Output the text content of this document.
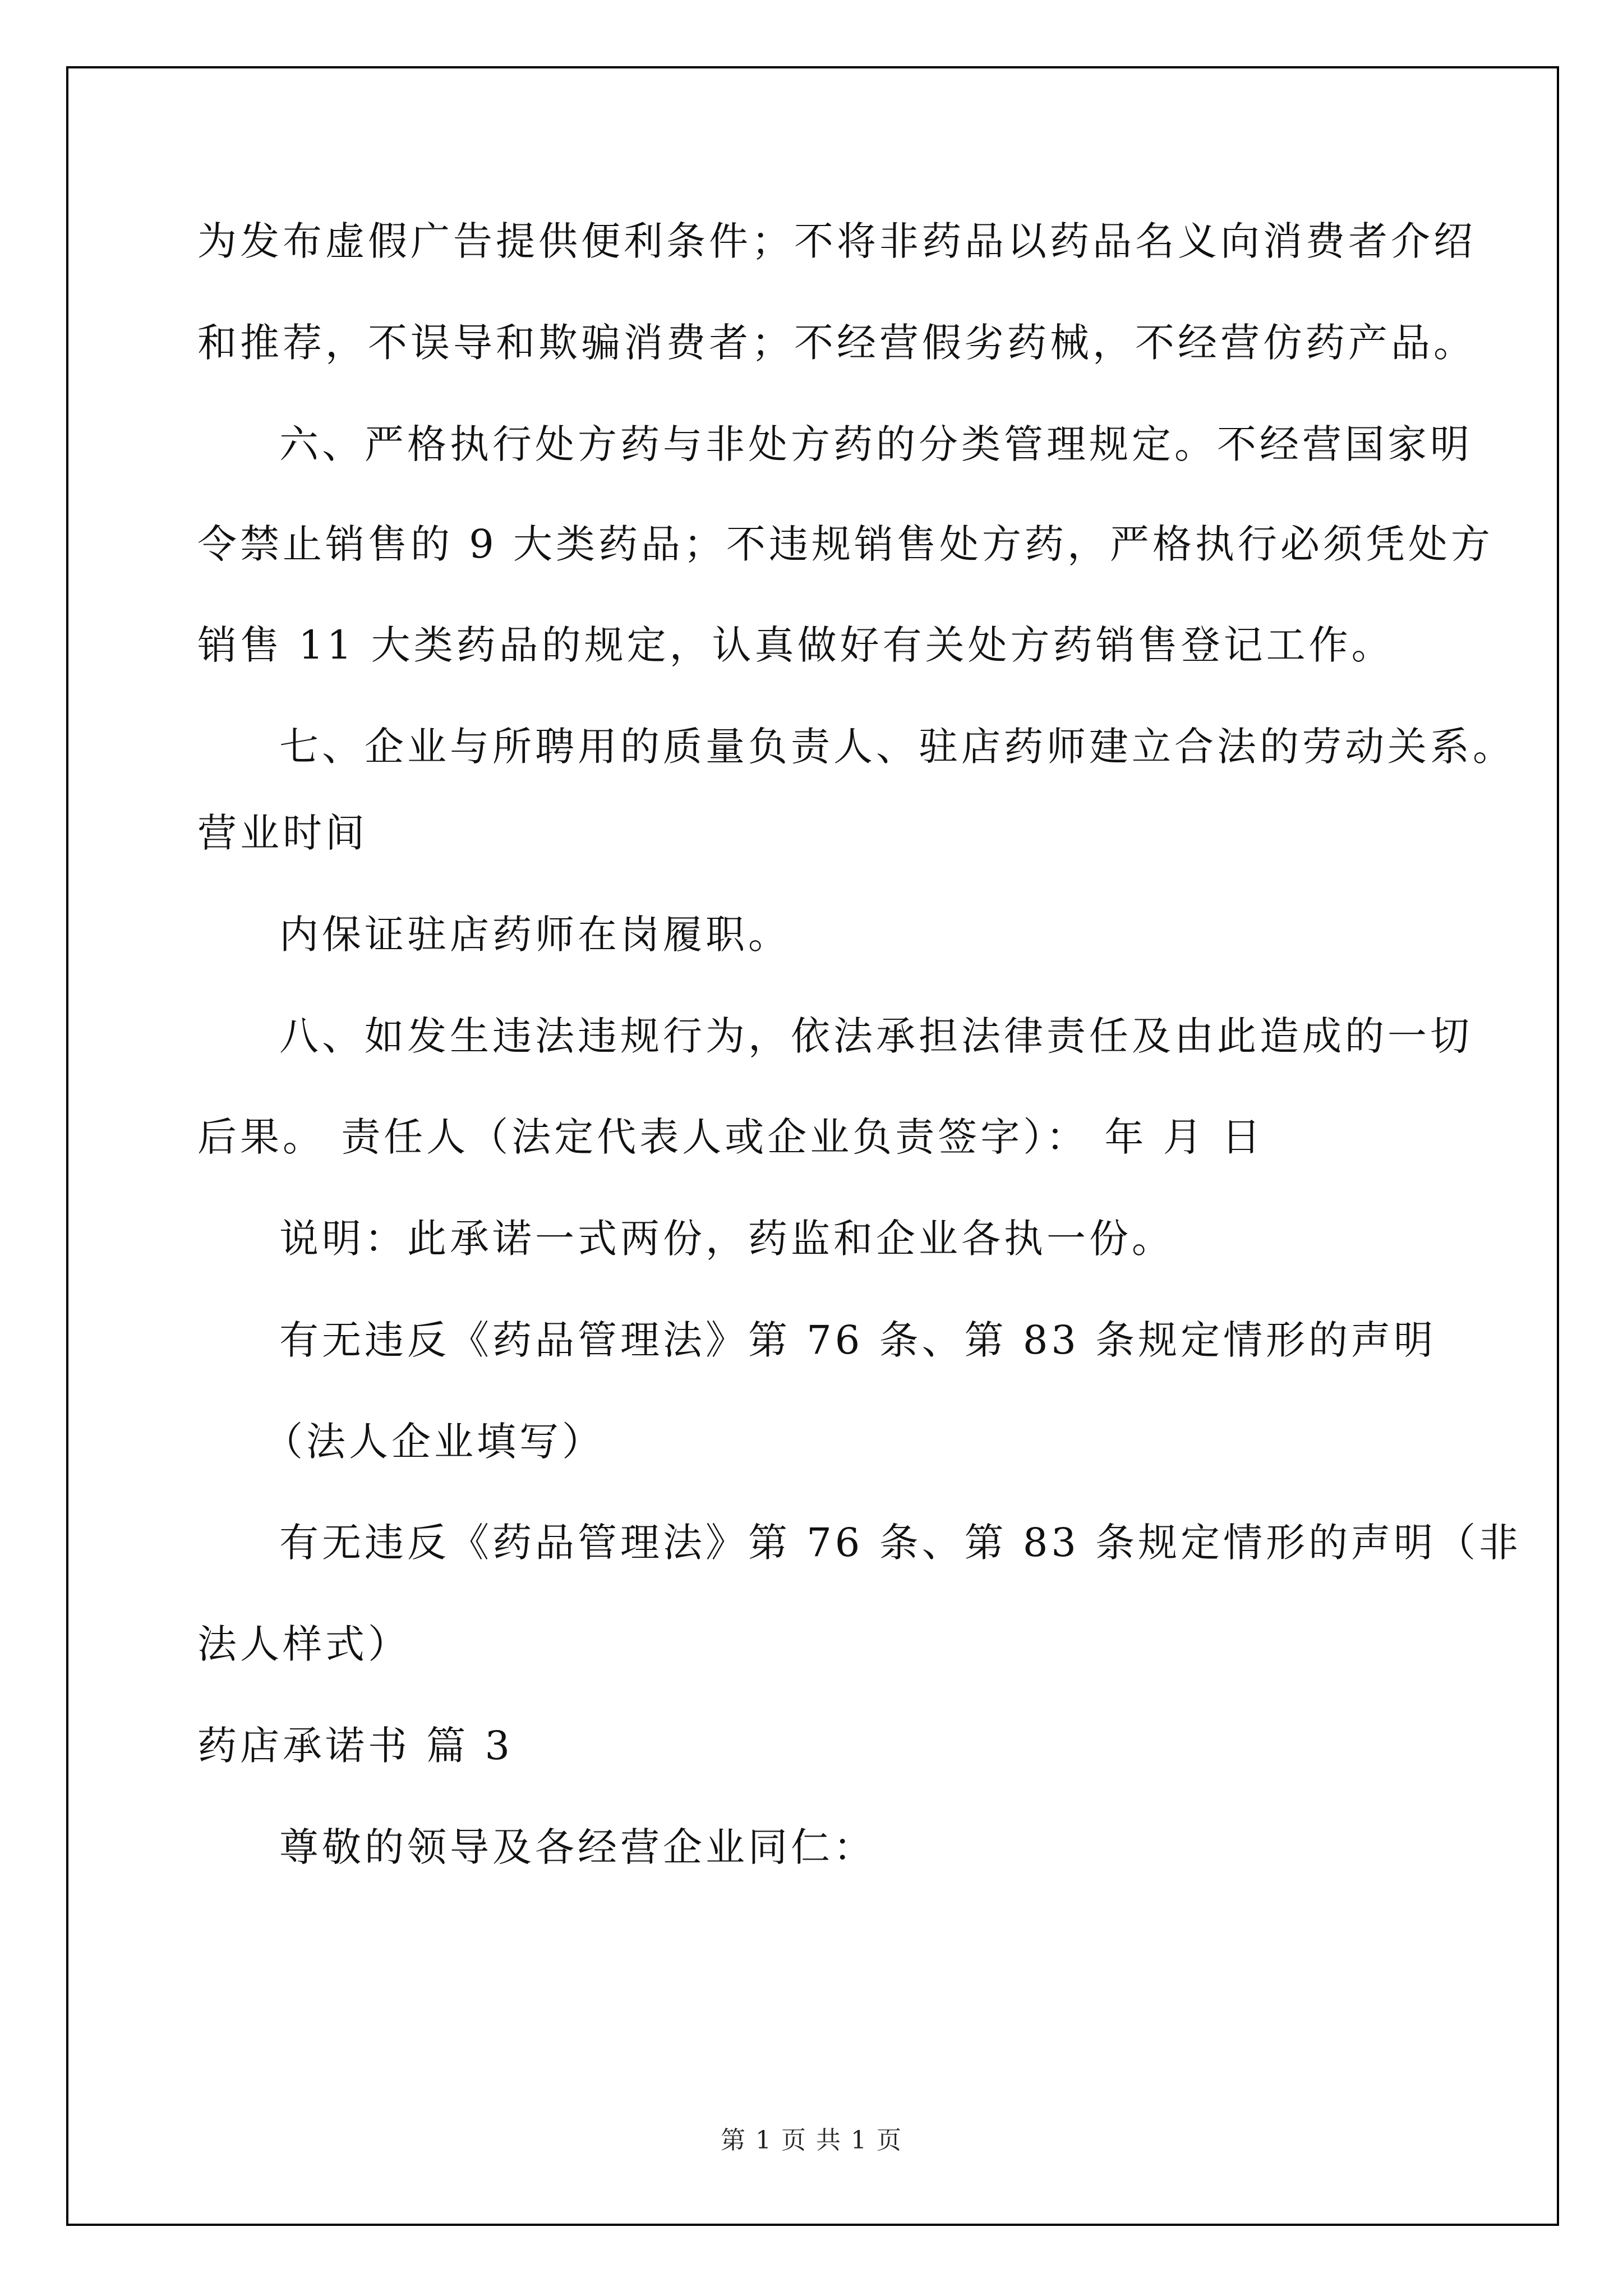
为发布虚假广告提供便利条件；不将非药品以药品名义向消费者介绍
和推荐，不误导和欺骗消费者；不经营假劣药械，不经营仿药产品。
六、严格执行处方药与非处方药的分类管理规定。不经营国家明
令禁止销售的 9 大类药品；不违规销售处方药，严格执行必须凭处方
销售 11 大类药品的规定，认真做好有关处方药销售登记工作。
七、企业与所聘用的质量负责人、驻店药师建立合法的劳动关系。
营业时间
内保证驻店药师在岗履职。
八、如发生违法违规行为，依法承担法律责任及由此造成的一切
后果。 责任人（法定代表人或企业负责签字）： 年 月 日
说明：此承诺一式两份，药监和企业各执一份。
有无违反《药品管理法》第 76 条、第 83 条规定情形的声明
（法人企业填写）
有无违反《药品管理法》第 76 条、第 83 条规定情形的声明（非
法人样式）
药店承诺书 篇 3
尊敬的领导及各经营企业同仁：
第 1 页 共 1 页
